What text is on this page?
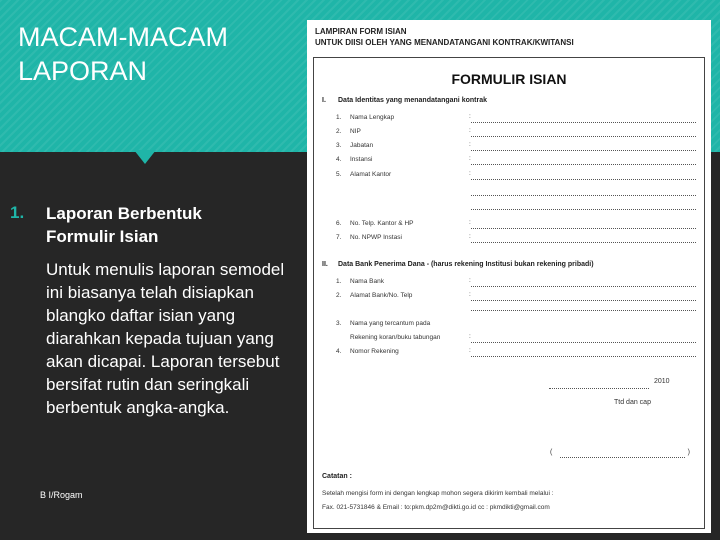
MACAM-MACAM
LAPORAN
1. Laporan Berbentuk
Formulir Isian
Untuk menulis laporan semodel ini biasanya telah disiapkan blangko daftar isian yang diarahkan kepada tujuan yang akan dicapai. Laporan tersebut bersifat rutin dan seringkali berbentuk angka-angka.
B I/Rogam
LAMPIRAN FORM ISIAN
UNTUK DIISI OLEH YANG MENANDATANGANI KONTRAK/KWITANSI
FORMULIR ISIAN
I. Data Identitas yang menandatangani kontrak
1.	Nama Lengkap	:
2.	NIP	:
3.	Jabatan	:
4.	Instansi	:
5.	Alamat Kantor	:
6.	No. Telp. Kantor & HP	:
7.	No. NPWP Instasi	:
II. Data Bank Penerima Dana - (harus rekening Institusi bukan rekening pribadi)
1.	Nama Bank	:
2.	Alamat Bank/No. Telp	:
3.	Nama yang tercantum pada
Rekening koran/buku tabungan	:
4.	Nomor Rekening	:
2010
Ttd dan cap
(	)
Catatan :
Setelah mengisi form ini dengan lengkap mohon segera dikirim kembali melalui :
Fax. 021-5731846 & Email : to:pkm.dp2m@dikti.go.id cc : pkmdikti@gmail.com
